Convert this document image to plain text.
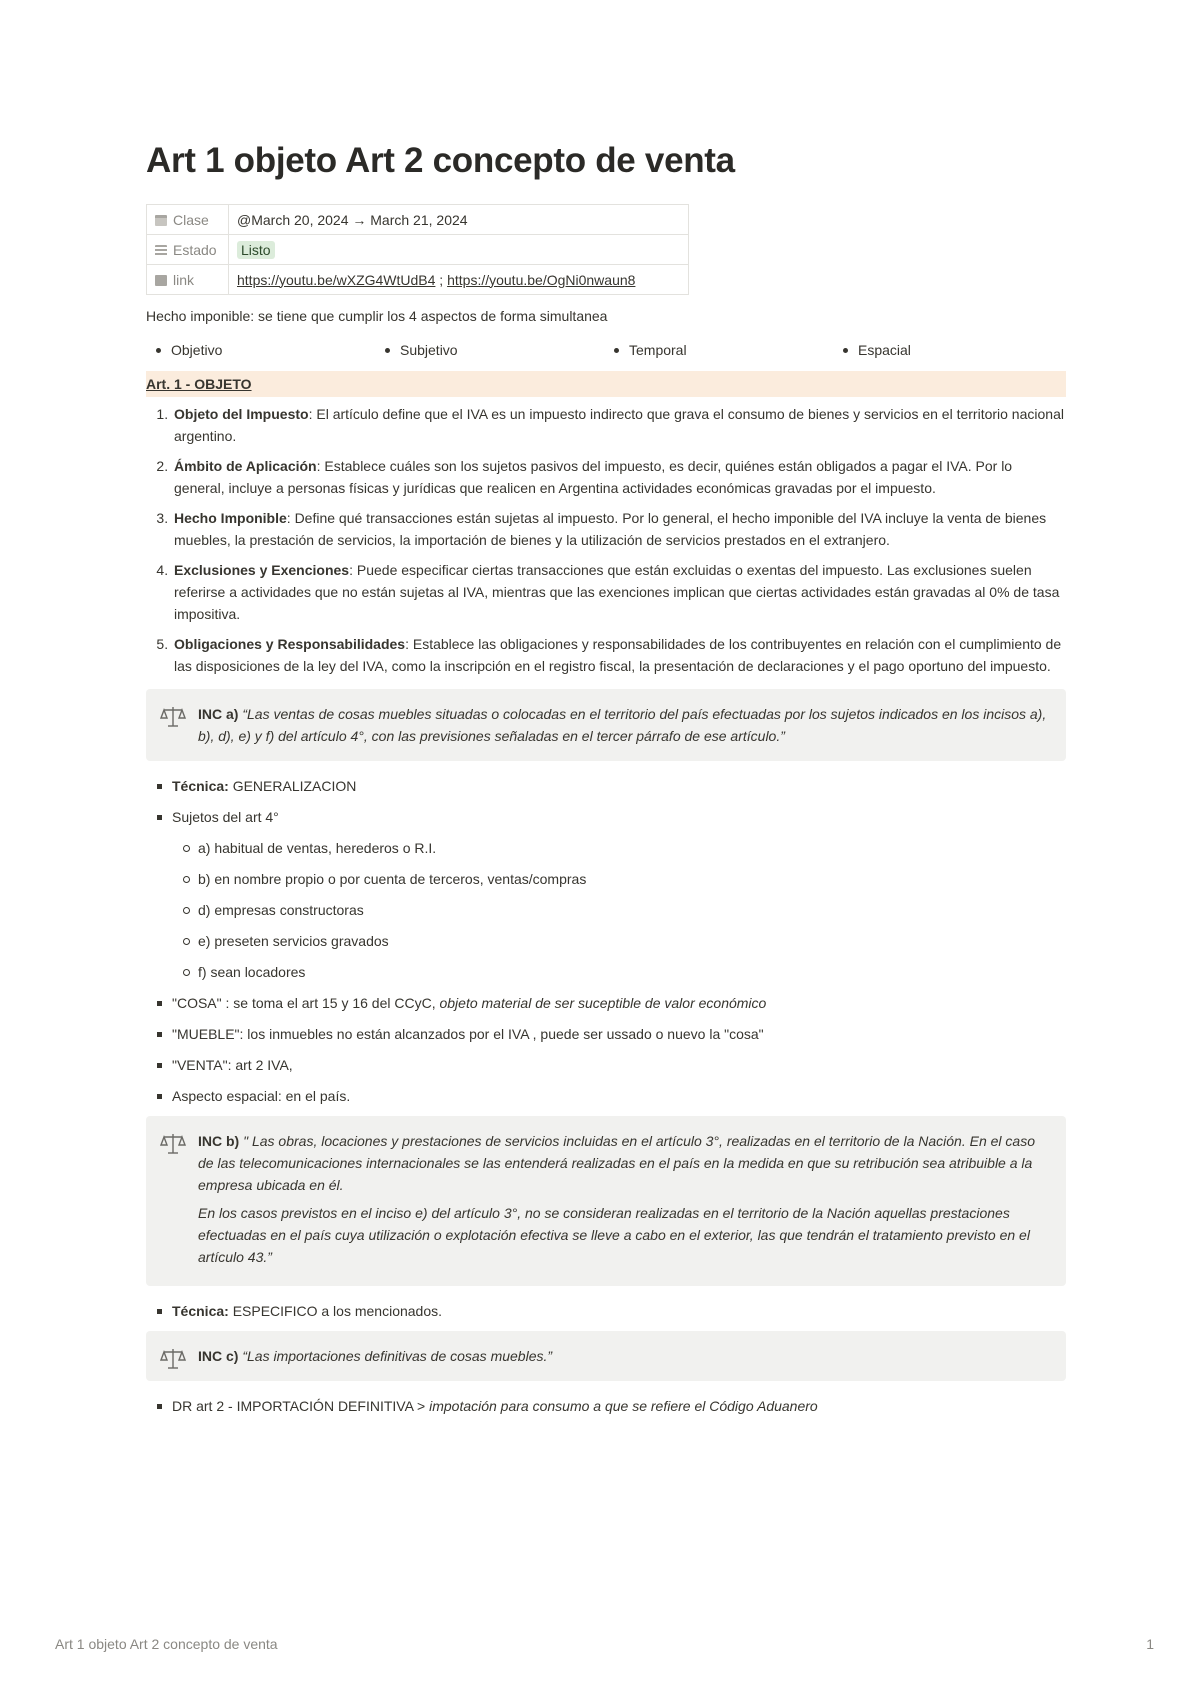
Art 1 objeto Art 2 concepto de venta
Clase	@March 20, 2024 → March 21, 2024
Estado	Listo
link	https://youtu.be/wXZG4WtUdB4 ; https://youtu.be/OgNi0nwaun8

Hecho imponible: se tiene que cumplir los 4 aspectos de forma simultanea

Objetivo	Subjetivo	Temporal	Espacial
Art. 1 - OBJETO
1. Objeto del Impuesto: El artículo define que el IVA es un impuesto indirecto que grava el consumo de bienes y servicios en el territorio nacional argentino.
2. Ámbito de Aplicación: Establece cuáles son los sujetos pasivos del impuesto, es decir, quiénes están obligados a pagar el IVA. Por lo general, incluye a personas físicas y jurídicas que realicen en Argentina actividades económicas gravadas por el impuesto.
3. Hecho Imponible: Define qué transacciones están sujetas al impuesto. Por lo general, el hecho imponible del IVA incluye la venta de bienes muebles, la prestación de servicios, la importación de bienes y la utilización de servicios prestados en el extranjero.
4. Exclusiones y Exenciones: Puede especificar ciertas transacciones que están excluidas o exentas del impuesto. Las exclusiones suelen referirse a actividades que no están sujetas al IVA, mientras que las exenciones implican que ciertas actividades están gravadas al 0% de tasa impositiva.
5. Obligaciones y Responsabilidades: Establece las obligaciones y responsabilidades de los contribuyentes en relación con el cumplimiento de las disposiciones de la ley del IVA, como la inscripción en el registro fiscal, la presentación de declaraciones y el pago oportuno del impuesto.

INC a) “Las ventas de cosas muebles situadas o colocadas en el territorio del país efectuadas por los sujetos indicados en los incisos a), b), d), e) y f) del artículo 4°, con las previsiones señaladas en el tercer párrafo de ese artículo.”

Técnica: GENERALIZACION
Sujetos del art 4°
a) habitual de ventas, herederos o R.I.
b) en nombre propio o por cuenta de terceros, ventas/compras
d) empresas constructoras
e) preseten servicios gravados
f) sean locadores
"COSA" : se toma el art 15 y 16 del CCyC, objeto material de ser suceptible de valor económico
"MUEBLE": los inmuebles no están alcanzados por el IVA , puede ser ussado o nuevo la "cosa"
"VENTA": art 2 IVA,
Aspecto espacial: en el país.

INC b) " Las obras, locaciones y prestaciones de servicios incluidas en el artículo 3°, realizadas en el territorio de la Nación. En el caso de las telecomunicaciones internacionales se las entenderá realizadas en el país en la medida en que su retribución sea atribuible a la empresa ubicada en él.

En los casos previstos en el inciso e) del artículo 3°, no se consideran realizadas en el territorio de la Nación aquellas prestaciones efectuadas en el país cuya utilización o explotación efectiva se lleve a cabo en el exterior, las que tendrán el tratamiento previsto en el artículo 43.”

Técnica: ESPECIFICO a los mencionados.

INC c) “Las importaciones definitivas de cosas muebles.”

DR art 2 - IMPORTACIÓN DEFINITIVA > impotación para consumo a que se refiere el Código Aduanero
Art 1 objeto Art 2 concepto de venta	1
